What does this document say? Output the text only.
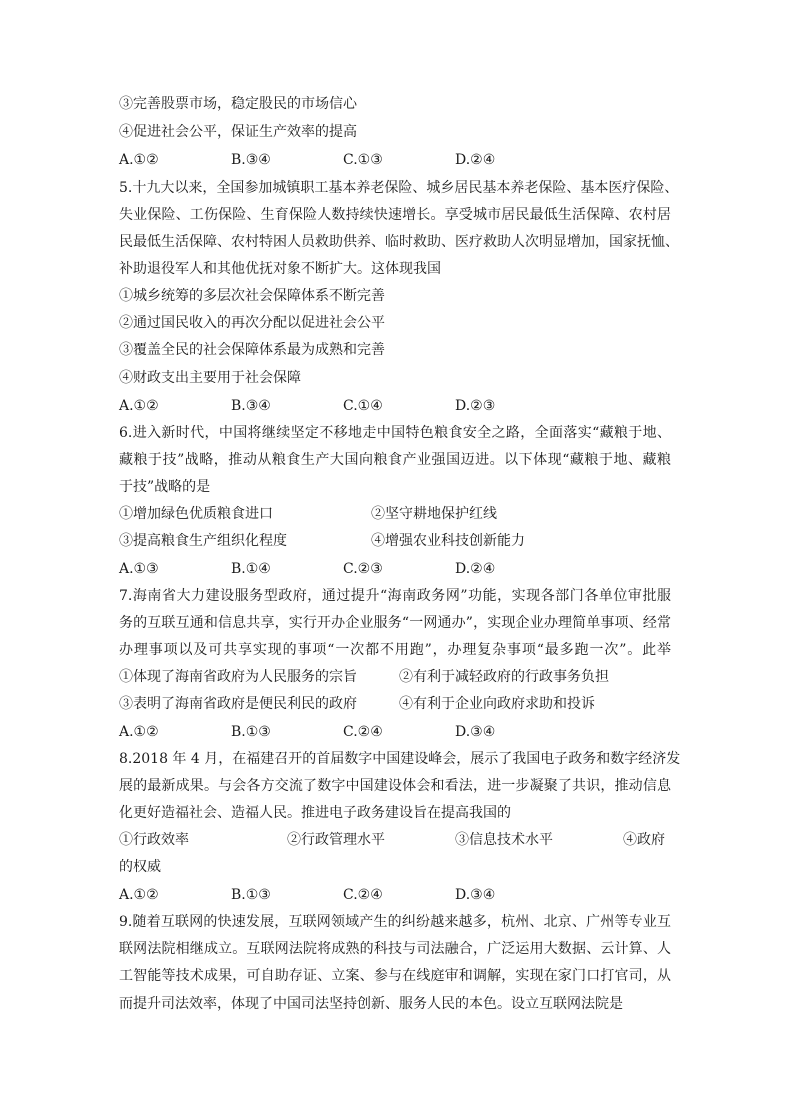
③完善股票市场，稳定股民的市场信心
④促进社会公平，保证生产效率的提高
A.①②	B.③④	C.①③	D.②④
5.十九大以来，全国参加城镇职工基本养老保险、城乡居民基本养老保险、基本医疗保险、
失业保险、工伤保险、生育保险人数持续快速增长。享受城市居民最低生活保障、农村居
民最低生活保障、农村特困人员救助供养、临时救助、医疗救助人次明显增加，国家抚恤、
补助退役军人和其他优抚对象不断扩大。这体现我国
①城乡统筹的多层次社会保障体系不断完善
②通过国民收入的再次分配以促进社会公平
③覆盖全民的社会保障体系最为成熟和完善
④财政支出主要用于社会保障
A.①②	B.③④	C.①④	D.②③
6.进入新时代，中国将继续坚定不移地走中国特色粮食安全之路，全面落实“藏粮于地、
藏粮于技”战略，推动从粮食生产大国向粮食产业强国迈进。以下体现“藏粮于地、藏粮
于技”战略的是
①增加绿色优质粮食进口	②坚守耕地保护红线
③提高粮食生产组织化程度	④增强农业科技创新能力
A.①③	B.①④	C.②③	D.②④
7.海南省大力建设服务型政府，通过提升“海南政务网”功能，实现各部门各单位审批服
务的互联互通和信息共享，实行开办企业服务“一网通办”，实现企业办理简单事项、经常
办理事项以及可共享实现的事项“一次都不用跑”，办理复杂事项“最多跑一次”。此举
①体现了海南省政府为人民服务的宗旨	②有利于减轻政府的行政事务负担
③表明了海南省政府是便民利民的政府	④有利于企业向政府求助和投诉
A.①②	B.①③	C.②④	D.③④
8.2018 年 4 月，在福建召开的首届数字中国建设峰会，展示了我国电子政务和数字经济发
展的最新成果。与会各方交流了数字中国建设体会和看法，进一步凝聚了共识，推动信息
化更好造福社会、造福人民。推进电子政务建设旨在提高我国的
①行政效率	②行政管理水平	③信息技术水平	④政府
的权威
A.①②	B.①③	C.②④	D.③④
9.随着互联网的快速发展，互联网领域产生的纠纷越来越多，杭州、北京、广州等专业互
联网法院相继成立。互联网法院将成熟的科技与司法融合，广泛运用大数据、云计算、人
工智能等技术成果，可自助存证、立案、参与在线庭审和调解，实现在家门口打官司，从
而提升司法效率，体现了中国司法坚持创新、服务人民的本色。设立互联网法院是
